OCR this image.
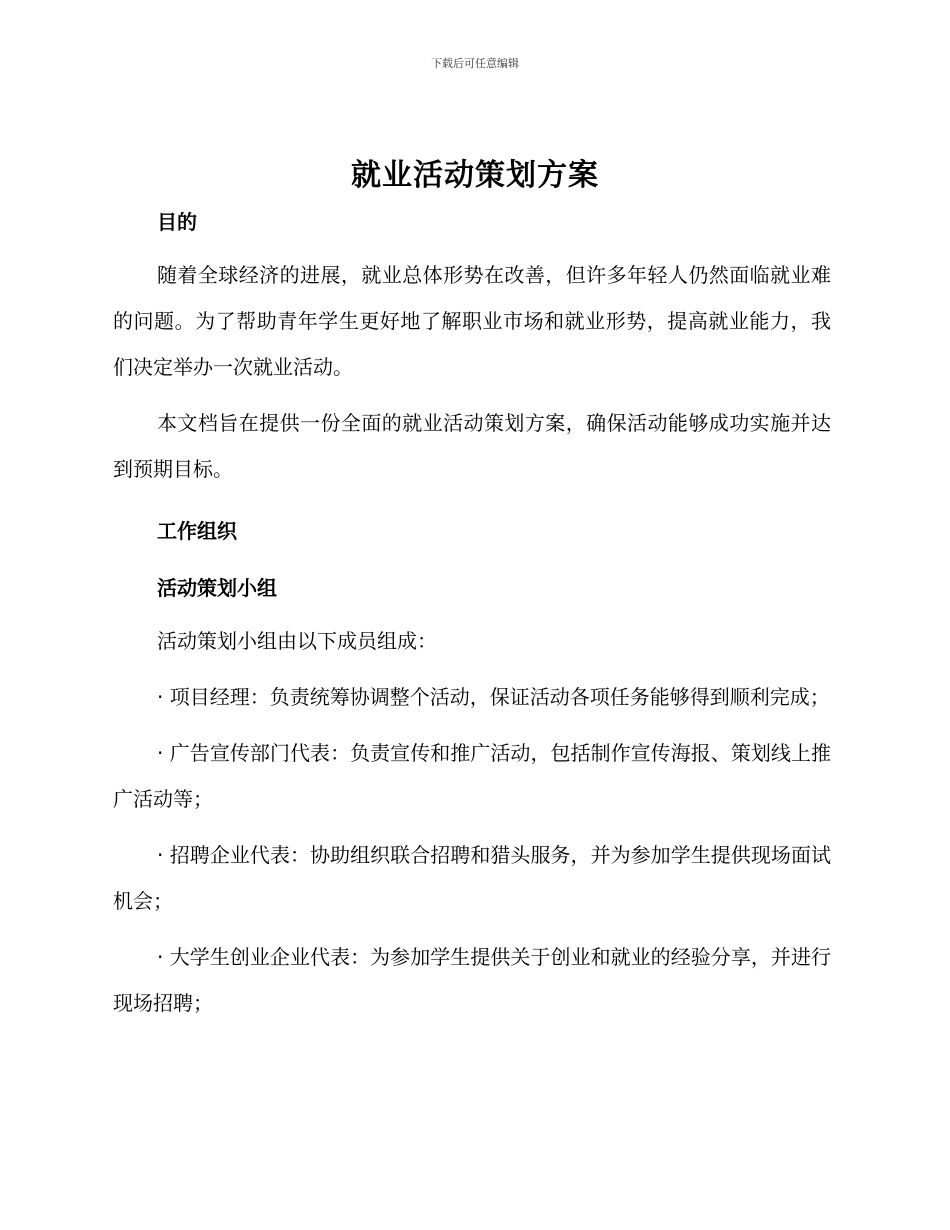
下载后可任意编辑
就业活动策划方案

目的

随着全球经济的进展，就业总体形势在改善，但许多年轻人仍然面临就业难的问题。为了帮助青年学生更好地了解职业市场和就业形势，提高就业能力，我们决定举办一次就业活动。

本文档旨在提供一份全面的就业活动策划方案，确保活动能够成功实施并达到预期目标。

工作组织

活动策划小组

活动策划小组由以下成员组成：

· 项目经理：负责统筹协调整个活动，保证活动各项任务能够得到顺利完成；

· 广告宣传部门代表：负责宣传和推广活动，包括制作宣传海报、策划线上推广活动等；

· 招聘企业代表：协助组织联合招聘和猎头服务，并为参加学生提供现场面试机会；

· 大学生创业企业代表：为参加学生提供关于创业和就业的经验分享，并进行现场招聘；
